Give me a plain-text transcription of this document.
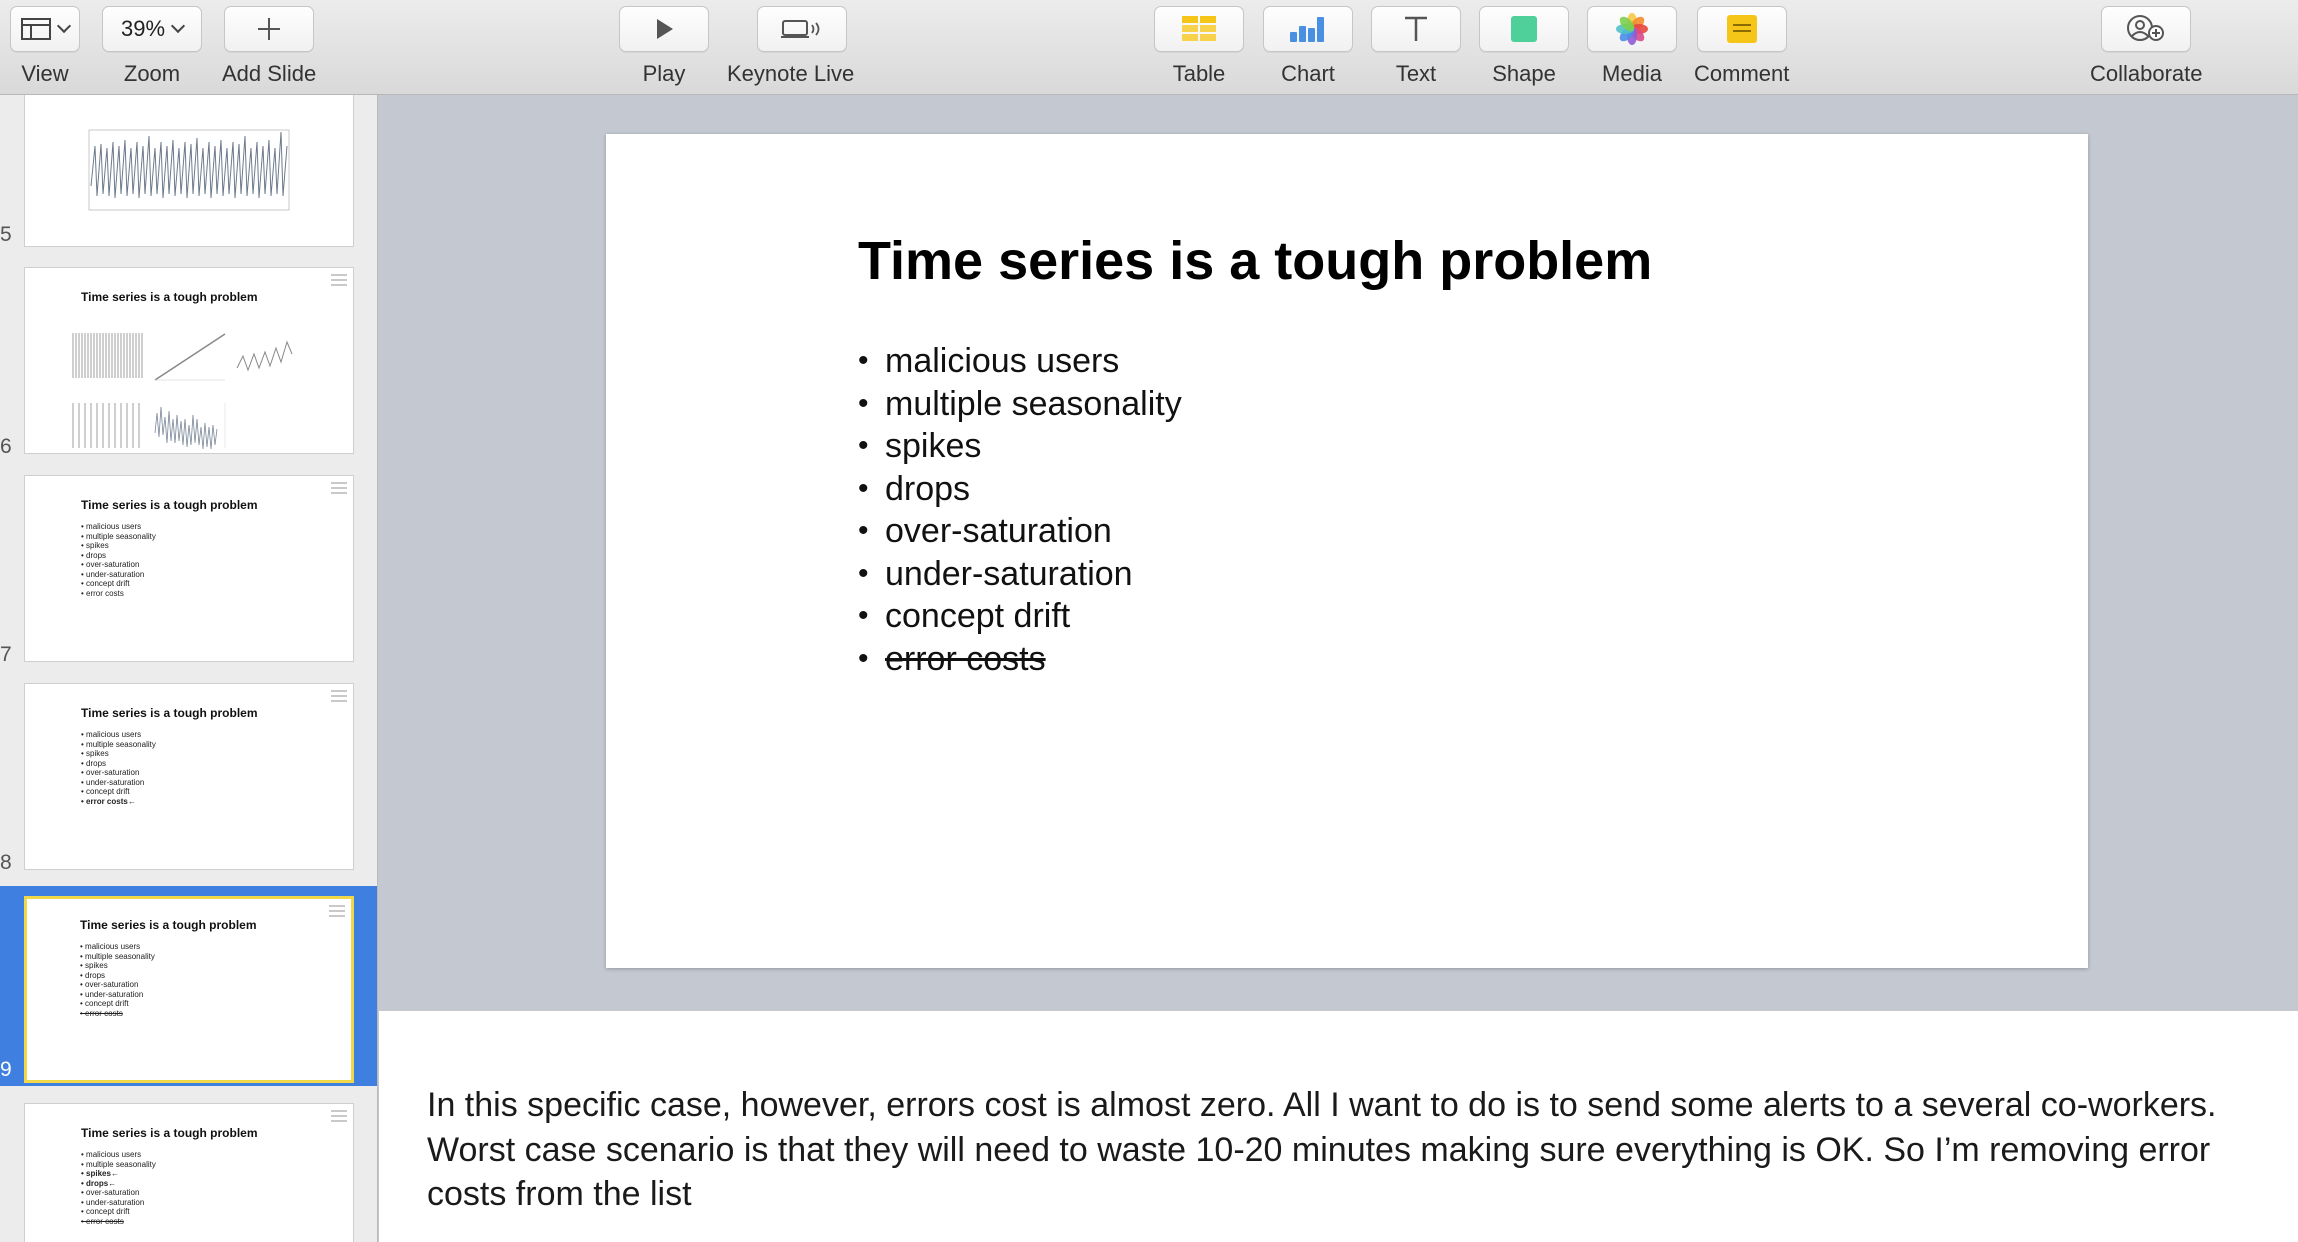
View
39%
Zoom Add Slide	Play Keynote Live	Table	Chart	Text	Shape Media Comment	Collaborate
5
Time series is a tough problem
6
Time series is a tough problem
• malicious users
• multiple seasonality
• spikes
• drops
• over-saturation
• under-saturation
• concept drift
• error costs
7
Time series is a tough problem
• malicious users
• multiple seasonality
• spikes
• drops
• over-saturation
• under-saturation
• concept drift
• error costs←
8
Time series is a tough problem
• malicious users
• multiple seasonality
• spikes
• drops
• over-saturation
• under-saturation
• concept drift
• error costs
9
Time series is a tough problem
• malicious users
• multiple seasonality
• spikes←
• drops←
• over-saturation
• under-saturation
• concept drift
• error costs
Time series is a tough problem
• malicious users
• multiple seasonality
• spikes
• drops
• over-saturation
• under-saturation
• concept drift
• error costs
In this specific case, however, errors cost is almost zero. All I want to do is to send some alerts to a several co-workers. Worst case scenario is that they will need to waste 10-20 minutes making sure everything is OK. So I’m removing error costs from the list
